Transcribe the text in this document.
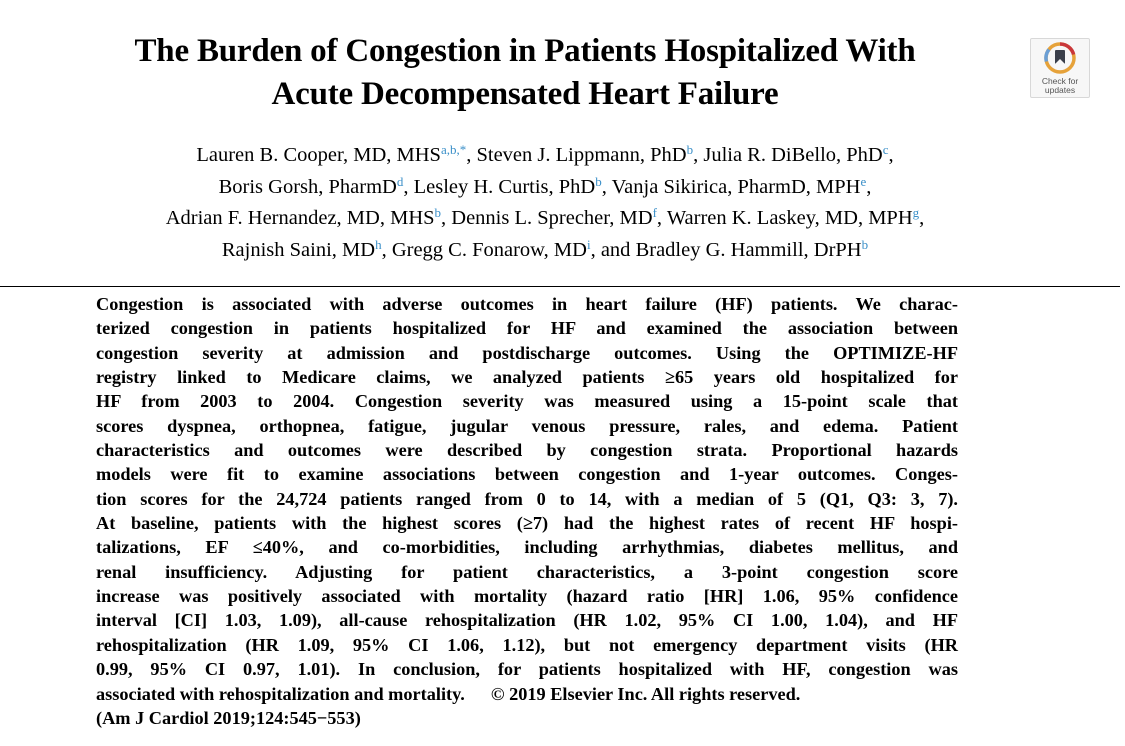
The Burden of Congestion in Patients Hospitalized With
Acute Decompensated Heart Failure	Check for
updates
Lauren B. Cooper, MD, MHS$^{a,b,*}$, Steven J. Lippmann, PhD$^b$, Julia R. DiBello, PhD$^c$,
Boris Gorsh, PharmD$^d$, Lesley H. Curtis, PhD$^b$, Vanja Sikirica, PharmD, MPH$^e$,
Adrian F. Hernandez, MD, MHS$^b$, Dennis L. Sprecher, MD$^f$, Warren K. Laskey, MD, MPH$^g$,
Rajnish Saini, MD$^h$, Gregg C. Fonarow, MD$^i$, and Bradley G. Hammill, DrPH$^b$
Congestion is associated with adverse outcomes in heart failure (HF) patients. We charac-
terized congestion in patients hospitalized for HF and examined the association between
congestion severity at admission and postdischarge outcomes. Using the OPTIMIZE-HF
registry linked to Medicare claims, we analyzed patients ≥65 years old hospitalized for
HF from 2003 to 2004. Congestion severity was measured using a 15-point scale that
scores dyspnea, orthopnea, fatigue, jugular venous pressure, rales, and edema. Patient
characteristics and outcomes were described by congestion strata. Proportional hazards
models were fit to examine associations between congestion and 1-year outcomes. Conges-
tion scores for the 24,724 patients ranged from 0 to 14, with a median of 5 (Q1, Q3: 3, 7).
At baseline, patients with the highest scores (≥7) had the highest rates of recent HF hospi-
talizations, EF ≤40%, and co-morbidities, including arrhythmias, diabetes mellitus, and
renal insufficiency. Adjusting for patient characteristics, a 3-point congestion score
increase was positively associated with mortality (hazard ratio [HR] 1.06, 95% confidence
interval [CI] 1.03, 1.09), all-cause rehospitalization (HR 1.02, 95% CI 1.00, 1.04), and HF
rehospitalization (HR 1.09, 95% CI 1.06, 1.12), but not emergency department visits (HR
0.99, 95% CI 0.97, 1.01). In conclusion, for patients hospitalized with HF, congestion was
associated with rehospitalization and mortality. © 2019 Elsevier Inc. All rights reserved.
(Am J Cardiol 2019;124:545−553)
